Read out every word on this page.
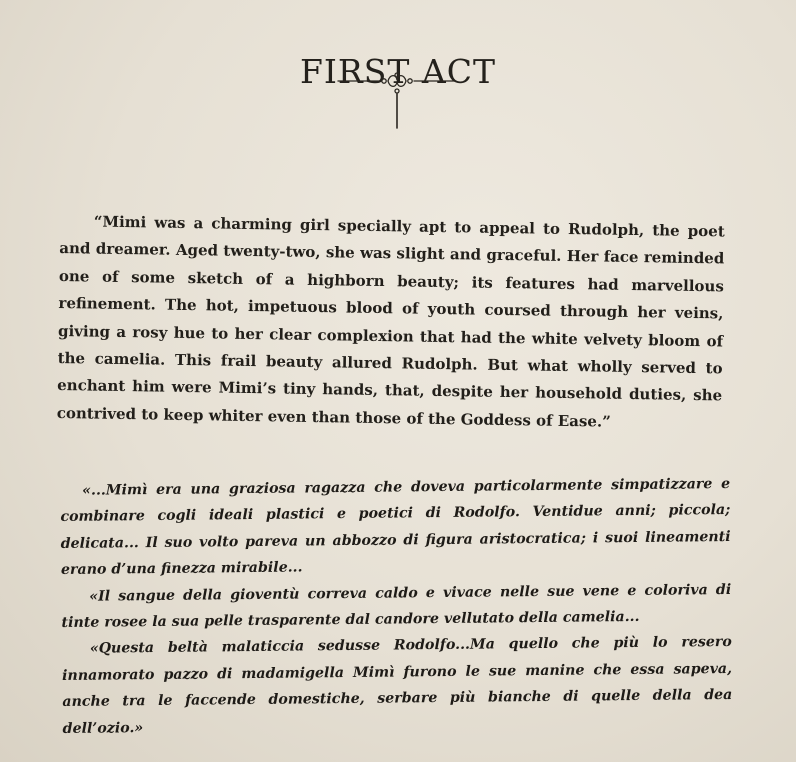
FIRST ACT

“Mimi was a charming girl specially apt to appeal to Rudolph, the poet and dreamer. Aged twenty-two, she was slight and graceful. Her face reminded one of some sketch of a highborn beauty; its features had marvellous refinement. The hot, impetuous blood of youth coursed through her veins, giving a rosy hue to her clear complexion that had the white velvety bloom of the camelia. This frail beauty allured Rudolph. But what wholly served to enchant him were Mimi’s tiny hands, that, despite her household duties, she contrived to keep whiter even than those of the Goddess of Ease.”

«...Mimì era una graziosa ragazza che doveva particolarmente simpatizzare e combinare cogli ideali plastici e poetici di Rodolfo. Ventidue anni; piccola; delicata... Il suo volto pareva un abbozzo di figura aristocratica; i suoi lineamenti erano d’una finezza mirabile...

«Il sangue della gioventù correva caldo e vivace nelle sue vene e coloriva di tinte rosee la sua pelle trasparente dal candore vellutato della camelia...

«Questa beltà malaticcia sedusse Rodolfo...Ma quello che più lo resero innamorato pazzo di madamigella Mimì furono le sue manine che essa sapeva, anche tra le faccende domestiche, serbare più bianche di quelle della dea dell’ozio.»
